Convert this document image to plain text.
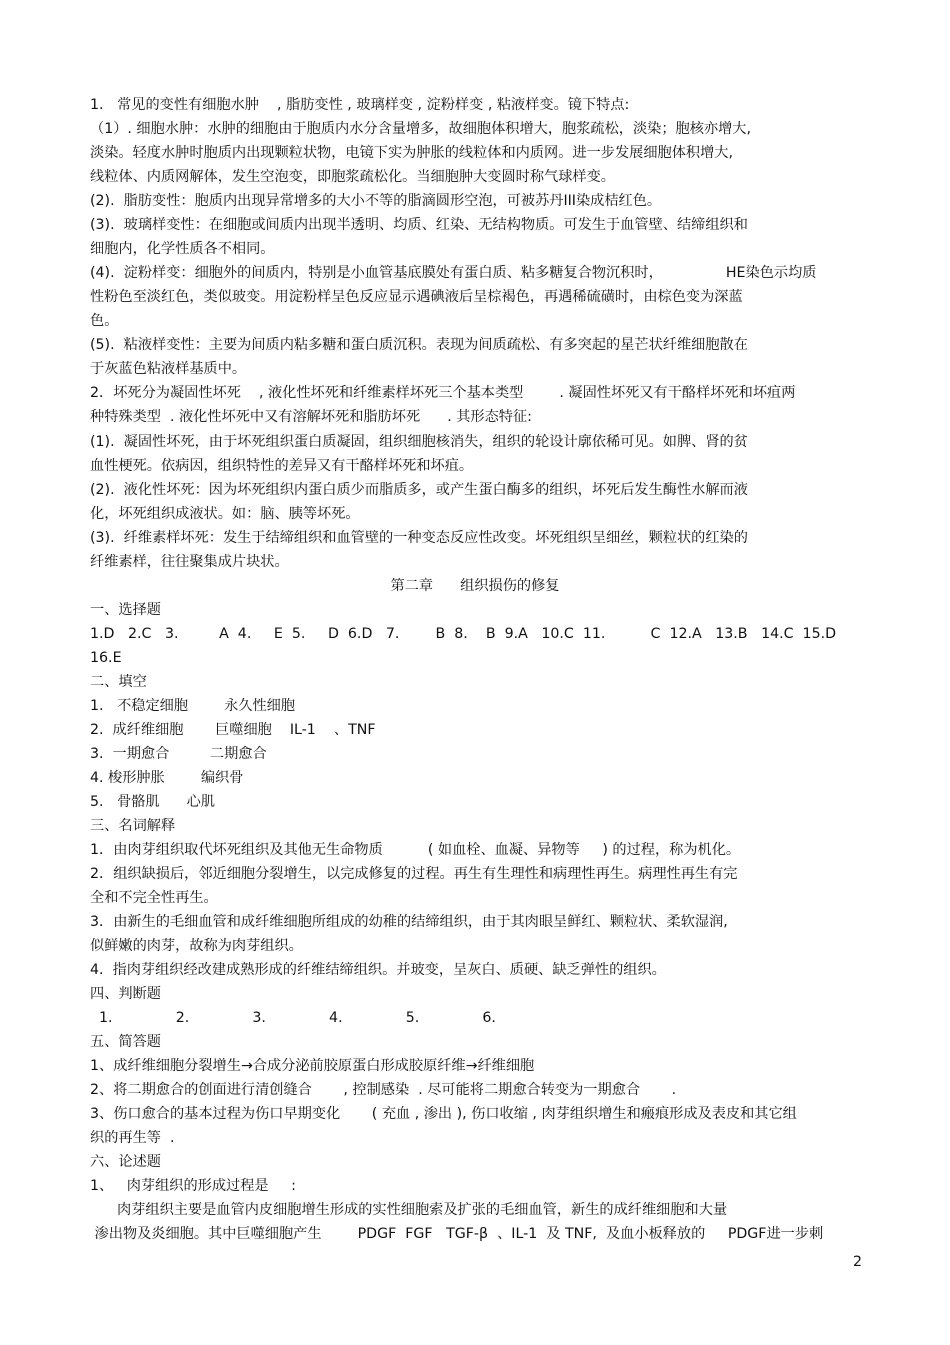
1.   常见的变性有细胞水肿    , 脂肪变性 , 玻璃样变 , 淀粉样变 , 粘液样变。镜下特点:
（1）. 细胞水肿：水肿的细胞由于胞质内水分含量增多，故细胞体积增大，胞浆疏松，淡染；胞核亦增大,
淡染。轻度水肿时胞质内出现颗粒状物，电镜下实为肿胀的线粒体和内质网。进一步发展细胞体积增大,
线粒体、内质网解体，发生空泡变，即胞浆疏松化。当细胞肿大变圆时称气球样变。
(2).  脂肪变性：胞质内出现异常增多的大小不等的脂滴圆形空泡，可被苏丹III染成桔红色。
(3).  玻璃样变性：在细胞或间质内出现半透明、均质、红染、无结构物质。可发生于血管壁、结缔组织和
细胞内，化学性质各不相同。
(4).  淀粉样变：细胞外的间质内，特别是小血管基底膜处有蛋白质、粘多糖复合物沉积时，              HE染色示均质
性粉色至淡红色，类似玻变。用淀粉样呈色反应显示遇碘液后呈棕褐色，再遇稀硫磺时，由棕色变为深蓝
色。
(5).  粘液样变性：主要为间质内粘多糖和蛋白质沉积。表现为间质疏松、有多突起的星芒状纤维细胞散在
于灰蓝色粘液样基质中。
2．坏死分为凝固性坏死    , 液化性坏死和纤维素样坏死三个基本类型        . 凝固性坏死又有干酪样坏死和坏疽两
种特殊类型  . 液化性坏死中又有溶解坏死和脂肪坏死      . 其形态特征:
(1).  凝固性坏死，由于坏死组织蛋白质凝固，组织细胞核消失，组织的轮设计廓依稀可见。如脾、肾的贫
血性梗死。依病因，组织特性的差异又有干酪样坏死和坏疽。
(2).  液化性坏死：因为坏死组织内蛋白质少而脂质多，或产生蛋白酶多的组织，坏死后发生酶性水解而液
化，坏死组织成液状。如：脑、胰等坏死。
(3).  纤维素样坏死：发生于结缔组织和血管壁的一种变态反应性改变。坏死组织呈细丝，颗粒状的红染的
纤维素样，往往聚集成片块状。
第二章      组织损伤的修复
一、选择题
1.D   2.C   3.         A  4.     E  5.     D  6.D   7.        B  8.    B  9.A   10.C  11.          C  12.A   13.B   14.C  15.D
16.E
二、填空
1.   不稳定细胞        永久性细胞
2.  成纤维细胞       巨噬细胞    IL-1    、TNF
3.  一期愈合         二期愈合
4. 梭形肿胀        编织骨
5.   骨骼肌      心肌
三、名词解释
1．由肉芽组织取代坏死组织及其他无生命物质          ( 如血栓、血凝、异物等     ) 的过程，称为机化。
2．组织缺损后，邻近细胞分裂增生，以完成修复的过程。再生有生理性和病理性再生。病理性再生有完
全和不完全性再生。
3．由新生的毛细血管和成纤维细胞所组成的幼稚的结缔组织，由于其肉眼呈鲜红、颗粒状、柔软湿润,
似鲜嫩的肉芽，故称为肉芽组织。
4.  指肉芽组织经改建成熟形成的纤维结缔组织。并玻变，呈灰白、质硬、缺乏弹性的组织。
四、判断题
1.              2.              3.              4.              5.              6.
五、简答题
1、成纤维细胞分裂增生→合成分泌前胶原蛋白形成胶原纤维→纤维细胞
2、将二期愈合的创面进行清创缝合       , 控制感染  . 尽可能将二期愈合转变为一期愈合       .
3、伤口愈合的基本过程为伤口早期变化       ( 充血 , 渗出 ), 伤口收缩 , 肉芽组织增生和瘢痕形成及表皮和其它组
织的再生等  .
六、论述题
1、   肉芽组织的形成过程是     :
肉芽组织主要是血管内皮细胞增生形成的实性细胞索及扩张的毛细血管，新生的成纤维细胞和大量
渗出物及炎细胞。其中巨噬细胞产生        PDGF  FGF   TGF-β  、IL-1  及 TNF,  及血小板释放的     PDGF进一步刺
2
